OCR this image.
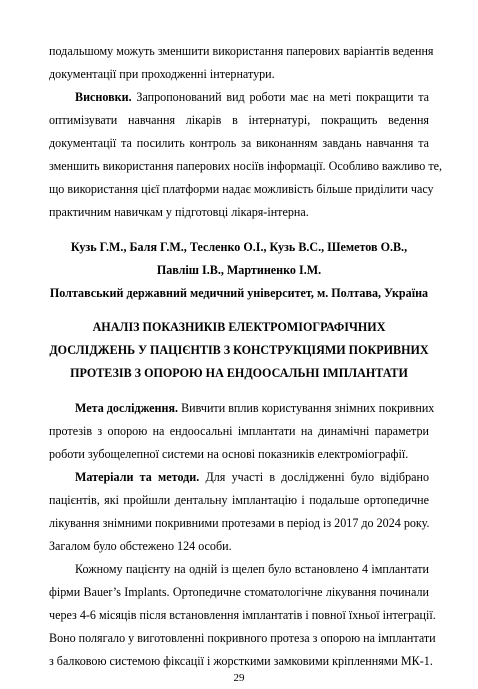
подальшому можуть зменшити використання паперових варіантів ведення
документації при проходженні інтернатури.
Висновки. Запропонований вид роботи має на меті покращити та
оптимізувати навчання лікарів в інтернатурі, покращить ведення
документації та посилить контроль за виконанням завдань навчання та
зменшить використання паперових носіїв інформації. Особливо важливо те,
що використання цієї платформи надає можливість більше приділити часу
практичним навичкам у підготовці лікаря-інтерна.
Кузь Г.М., Баля Г.М., Тесленко О.І., Кузь В.С., Шеметов О.В.,
Павліш І.В., Мартиненко І.М.
Полтавський державний медичний університет, м. Полтава, Україна
АНАЛІЗ ПОКАЗНИКІВ ЕЛЕКТРОМІОГРАФІЧНИХ
ДОСЛІДЖЕНЬ У ПАЦІЄНТІВ З КОНСТРУКЦІЯМИ ПОКРИВНИХ
ПРОТЕЗІВ З ОПОРОЮ НА ЕНДООСАЛЬНІ ІМПЛАНТАТИ
Мета дослідження. Вивчити вплив користування знімних покривних
протезів з опорою на ендоосальні імплантати на динамічні параметри
роботи зубощелепної системи на основі показників електроміографії.
Матеріали та методи. Для участі в дослідженні було відібрано
пацієнтів, які пройшли дентальну імплантацію і подальше ортопедичне
лікування знімними покривними протезами в період із 2017 до 2024 року.
Загалом було обстежено 124 особи.
Кожному пацієнту на одній із щелеп було встановлено 4 імплантати
фірми Bauer’s Implants. Ортопедичне стоматологічне лікування починали
через 4-6 місяців після встановлення імплантатів і повної їхньої інтеграції.
Воно полягало у виготовленні покривного протеза з опорою на імплантати
з балковою системою фіксації і жорсткими замковими кріпленнями МК-1.
29
